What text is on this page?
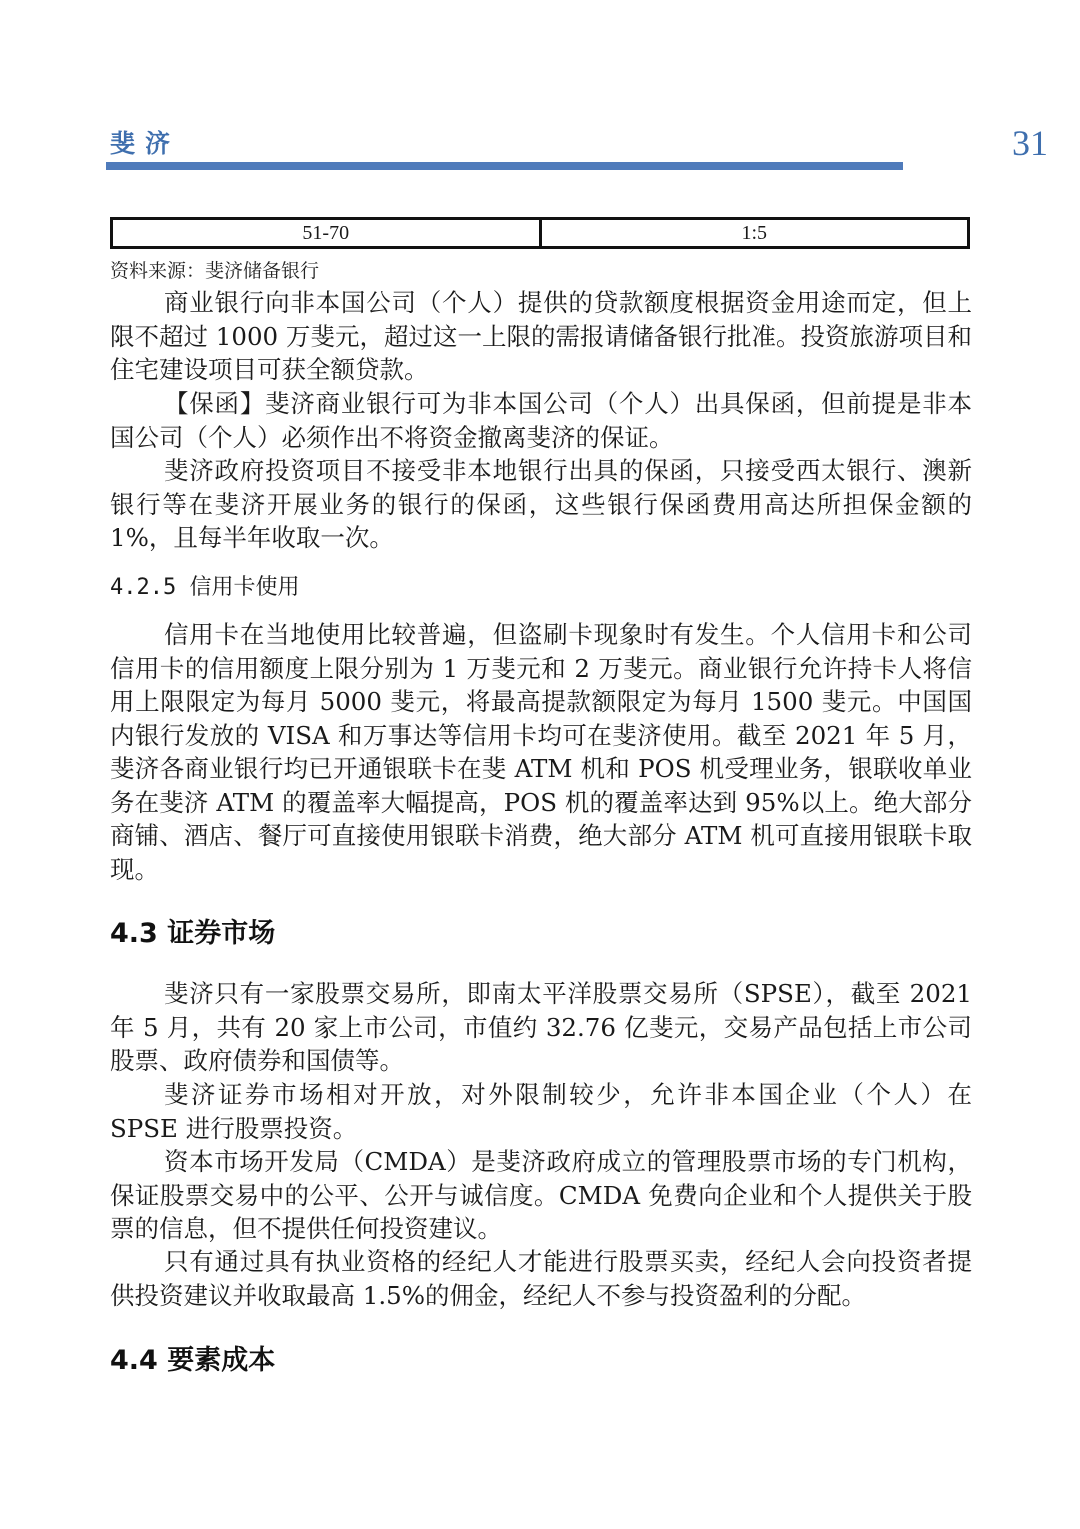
斐济	31
51-70	1:5
资料来源：斐济储备银行

商业银行向非本国公司（个人）提供的贷款额度根据资金用途而定，但上限不超过 1000 万斐元，超过这一上限的需报请储备银行批准。投资旅游项目和住宅建设项目可获全额贷款。

【保函】斐济商业银行可为非本国公司（个人）出具保函，但前提是非本国公司（个人）必须作出不将资金撤离斐济的保证。

斐济政府投资项目不接受非本地银行出具的保函，只接受西太银行、澳新银行等在斐济开展业务的银行的保函，这些银行保函费用高达所担保金额的 1%，且每半年收取一次。

4.2.5 信用卡使用

信用卡在当地使用比较普遍，但盗刷卡现象时有发生。个人信用卡和公司信用卡的信用额度上限分别为 1 万斐元和 2 万斐元。商业银行允许持卡人将信用上限限定为每月 5000 斐元，将最高提款额限定为每月 1500 斐元。中国国内银行发放的 VISA 和万事达等信用卡均可在斐济使用。截至 2021 年 5 月，斐济各商业银行均已开通银联卡在斐 ATM 机和 POS 机受理业务，银联收单业务在斐济 ATM 的覆盖率大幅提高，POS 机的覆盖率达到 95%以上。绝大部分商铺、酒店、餐厅可直接使用银联卡消费，绝大部分 ATM 机可直接用银联卡取现。

4.3 证券市场

斐济只有一家股票交易所，即南太平洋股票交易所（SPSE），截至 2021 年 5 月，共有 20 家上市公司，市值约 32.76 亿斐元，交易产品包括上市公司股票、政府债券和国债等。

斐济证券市场相对开放，对外限制较少，允许非本国企业（个人）在 SPSE 进行股票投资。

资本市场开发局（CMDA）是斐济政府成立的管理股票市场的专门机构，保证股票交易中的公平、公开与诚信度。CMDA 免费向企业和个人提供关于股票的信息，但不提供任何投资建议。

只有通过具有执业资格的经纪人才能进行股票买卖，经纪人会向投资者提供投资建议并收取最高 1.5%的佣金，经纪人不参与投资盈利的分配。

4.4 要素成本
